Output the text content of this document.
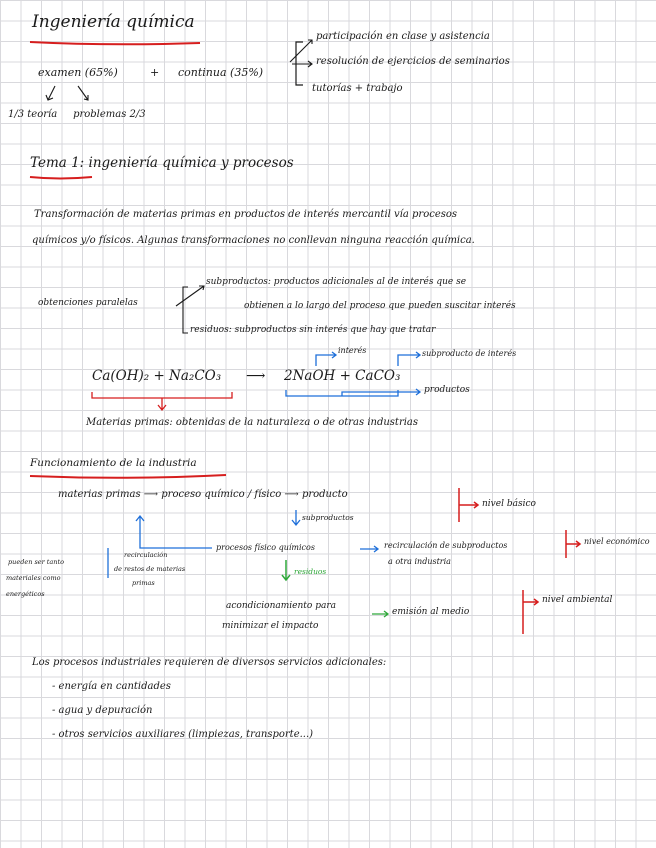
Ingeniería química
examen (65%)	+ continua (35%)
participación en clase y asistencia
resolución de ejercicios de seminarios
tutorías + trabajo
1/3 teoría     problemas 2/3
Tema 1: ingeniería química y procesos
Transformación de materias primas en productos de interés mercantil vía procesos
químicos y/o físicos. Algunas transformaciones no conllevan ninguna reacción química.
obtenciones paralelas
subproductos: productos adicionales al de interés que se
obtienen a lo largo del proceso que pueden suscitar interés
residuos: subproductos sin interés que hay que tratar
interés	subproducto de interés
Ca(OH)₂ + Na₂CO₃ ⟶ 2NaOH + CaCO₃
productos
Materias primas: obtenidas de la naturaleza o de otras industrias
Funcionamiento de la industria
materias primas ⟶ proceso químico / físico ⟶ producto
nivel básico
subproductos
pueden ser tanto
materiales como
energéticos
recirculación
de restos de materias
primas
procesos físico químicos	recirculación de subproductos
a otra industria
nivel económico
residuos
acondicionamiento para
minimizar el impacto
emisión al medio
nivel ambiental
Los procesos industriales requieren de diversos servicios adicionales:
- energía en cantidades
- agua y depuración
- otros servicios auxiliares (limpiezas, transporte...)
